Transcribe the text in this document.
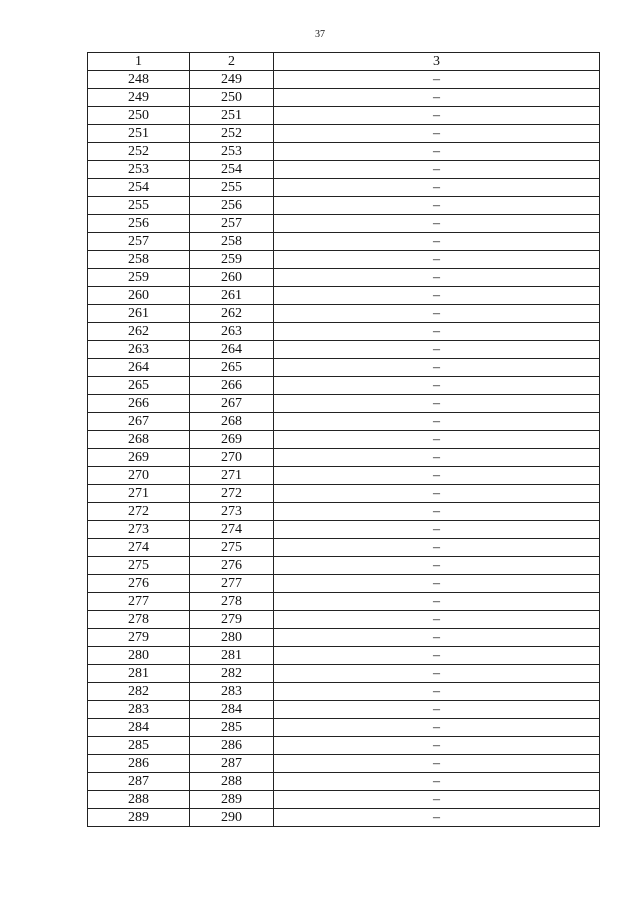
37
1	2	3
248	249	–
249	250	–
250	251	–
251	252	–
252	253	–
253	254	–
254	255	–
255	256	–
256	257	–
257	258	–
258	259	–
259	260	–
260	261	–
261	262	–
262	263	–
263	264	–
264	265	–
265	266	–
266	267	–
267	268	–
268	269	–
269	270	–
270	271	–
271	272	–
272	273	–
273	274	–
274	275	–
275	276	–
276	277	–
277	278	–
278	279	–
279	280	–
280	281	–
281	282	–
282	283	–
283	284	–
284	285	–
285	286	–
286	287	–
287	288	–
288	289	–
289	290	–
